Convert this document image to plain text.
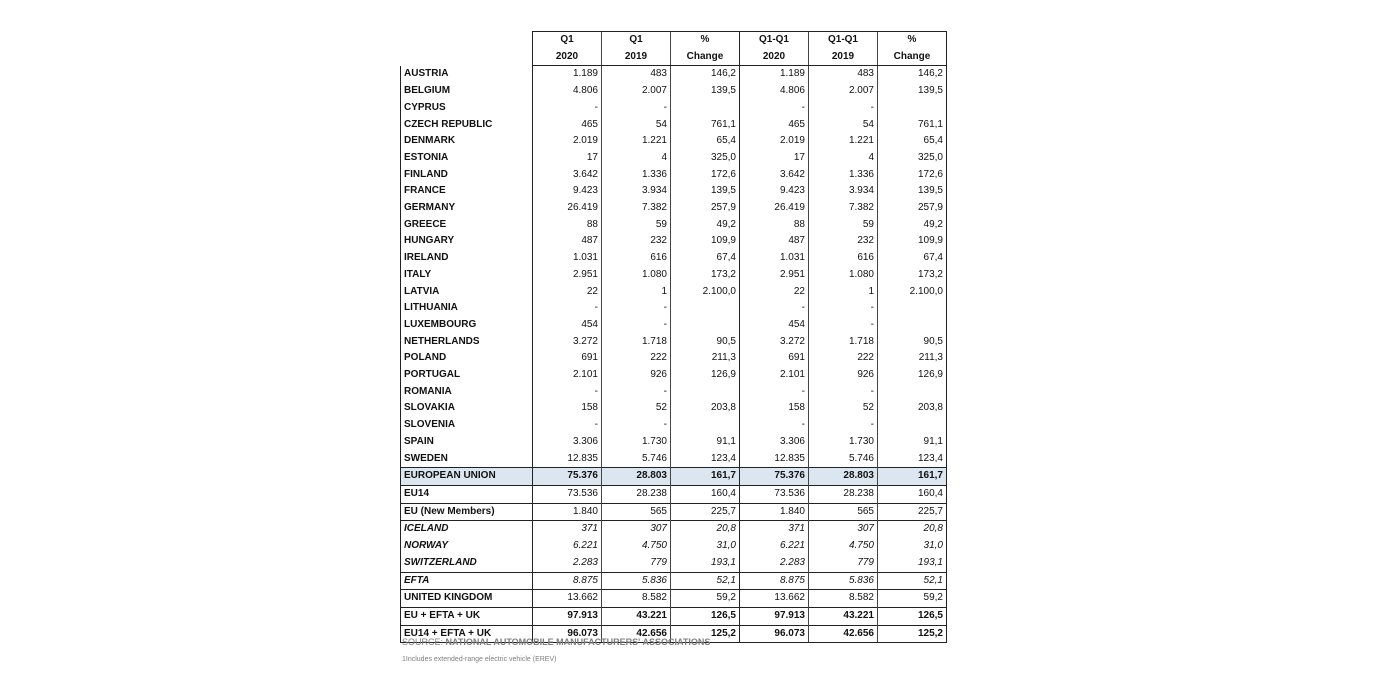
	Q1	Q1	%	Q1-Q1	Q1-Q1	%
	2020	2019	Change	2020	2019	Change
AUSTRIA	1.189	483	146,2	1.189	483	146,2
BELGIUM	4.806	2.007	139,5	4.806	2.007	139,5
CYPRUS	-	-		-	-	
CZECH REPUBLIC	465	54	761,1	465	54	761,1
DENMARK	2.019	1.221	65,4	2.019	1.221	65,4
ESTONIA	17	4	325,0	17	4	325,0
FINLAND	3.642	1.336	172,6	3.642	1.336	172,6
FRANCE	9.423	3.934	139,5	9.423	3.934	139,5
GERMANY	26.419	7.382	257,9	26.419	7.382	257,9
GREECE	88	59	49,2	88	59	49,2
HUNGARY	487	232	109,9	487	232	109,9
IRELAND	1.031	616	67,4	1.031	616	67,4
ITALY	2.951	1.080	173,2	2.951	1.080	173,2
LATVIA	22	1	2.100,0	22	1	2.100,0
LITHUANIA	-	-		-	-	
LUXEMBOURG	454	-		454	-	
NETHERLANDS	3.272	1.718	90,5	3.272	1.718	90,5
POLAND	691	222	211,3	691	222	211,3
PORTUGAL	2.101	926	126,9	2.101	926	126,9
ROMANIA	-	-		-	-	
SLOVAKIA	158	52	203,8	158	52	203,8
SLOVENIA	-	-		-	-	
SPAIN	3.306	1.730	91,1	3.306	1.730	91,1
SWEDEN	12.835	5.746	123,4	12.835	5.746	123,4
EUROPEAN UNION	75.376	28.803	161,7	75.376	28.803	161,7
EU14	73.536	28.238	160,4	73.536	28.238	160,4
EU (New Members)	1.840	565	225,7	1.840	565	225,7
ICELAND	371	307	20,8	371	307	20,8
NORWAY	6.221	4.750	31,0	6.221	4.750	31,0
SWITZERLAND	2.283	779	193,1	2.283	779	193,1
EFTA	8.875	5.836	52,1	8.875	5.836	52,1
UNITED KINGDOM	13.662	8.582	59,2	13.662	8.582	59,2
EU + EFTA + UK	97.913	43.221	126,5	97.913	43.221	126,5
EU14 + EFTA + UK	96.073	42.656	125,2	96.073	42.656	125,2
SOURCE: NATIONAL AUTOMOBILE MANUFACTURERS' ASSOCIATIONS
1Includes extended-range electric vehicle (EREV)
